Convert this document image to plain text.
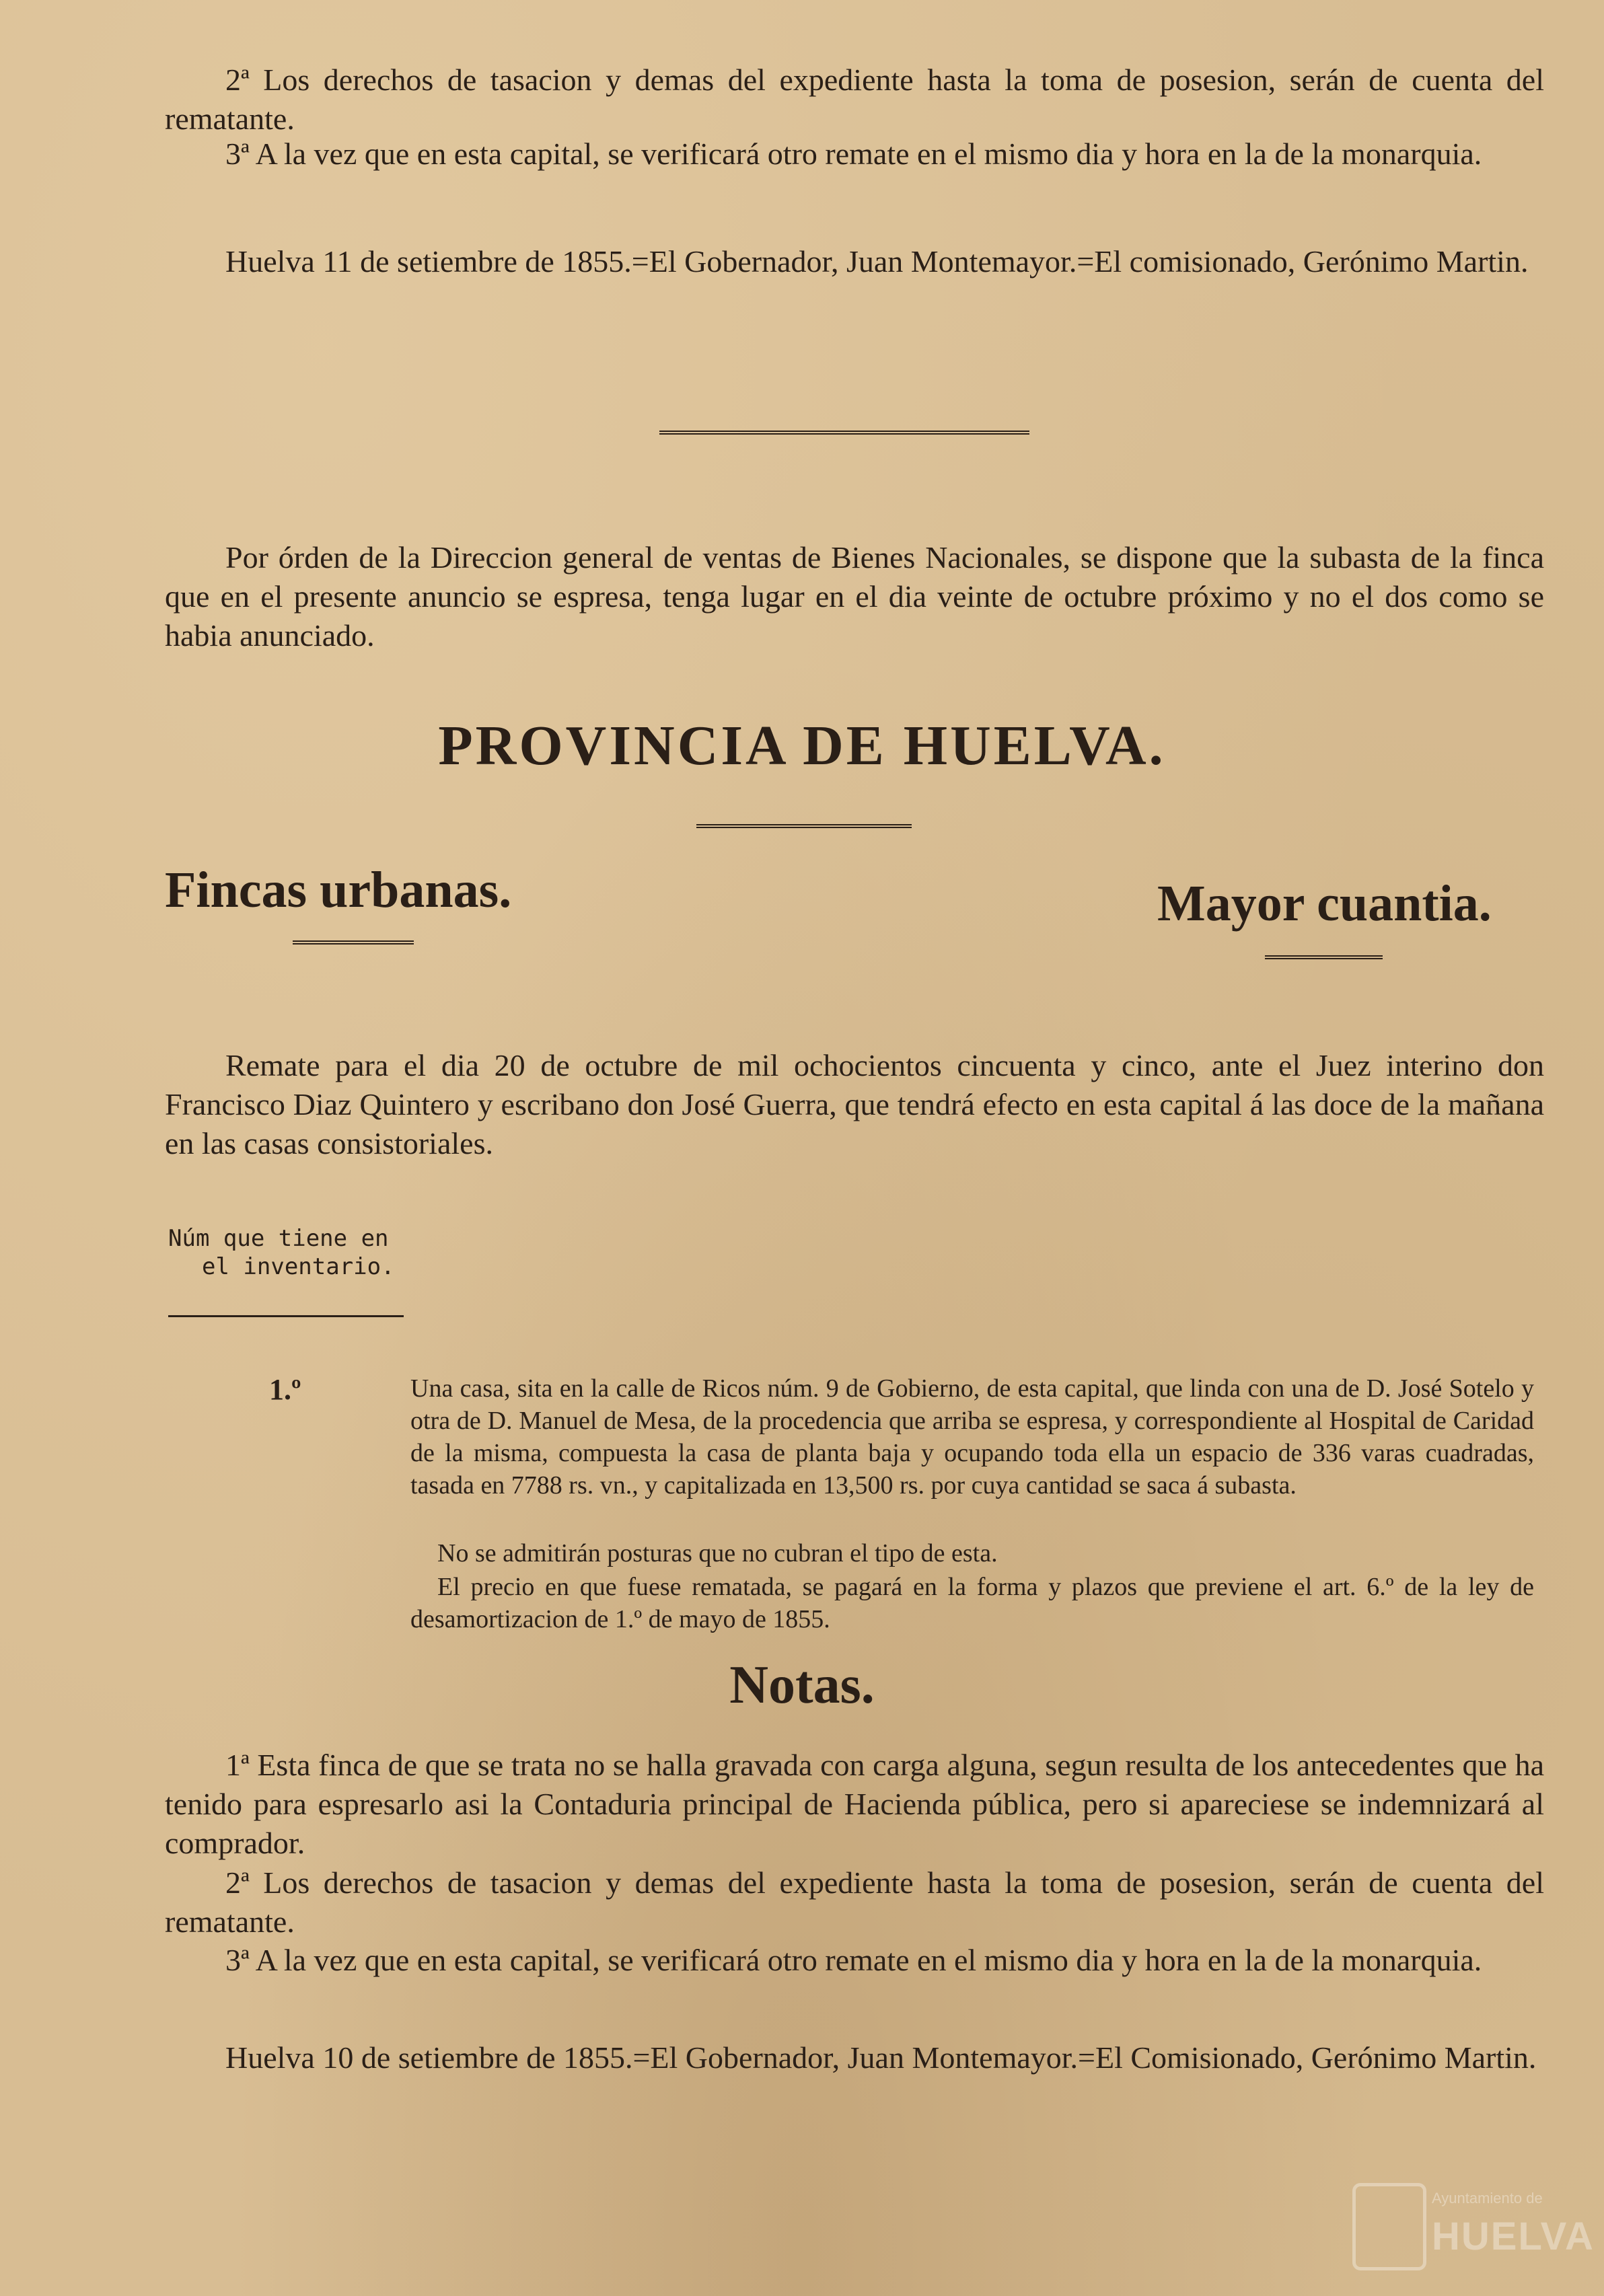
2ª Los derechos de tasacion y demas del expediente hasta la toma de posesion, serán de cuenta del rematante.

3ª A la vez que en esta capital, se verificará otro remate en el mismo dia y hora en la de la monarquia.

Huelva 11 de setiembre de 1855.=El Gobernador, Juan Montemayor.=El comisionado, Gerónimo Martin.

Por órden de la Direccion general de ventas de Bienes Nacionales, se dispone que la subasta de la finca que en el presente anuncio se espresa, tenga lugar en el dia veinte de octubre próximo y no el dos como se habia anunciado.

PROVINCIA DE HUELVA.
Fincas urbanas.	Mayor cuantia.

Remate para el dia 20 de octubre de mil ochocientos cincuenta y cinco, ante el Juez interino don Francisco Diaz Quintero y escribano don José Guerra, que tendrá efecto en esta capital á las doce de la mañana en las casas consistoriales.

Núm que tiene en

el inventario.

1.º	Una casa, sita en la calle de Ricos núm. 9 de Gobierno, de esta capital, que linda con una de D. José Sotelo y otra de D. Manuel de Mesa, de la procedencia que arriba se espresa, y correspondiente al Hospital de Caridad de la misma, compuesta la casa de planta baja y ocupando toda ella un espacio de 336 varas cuadradas, tasada en 7788 rs. vn., y capitalizada en 13,500 rs. por cuya cantidad se saca á subasta.

No se admitirán posturas que no cubran el tipo de esta.

El precio en que fuese rematada, se pagará en la forma y plazos que previene el art. 6.º de la ley de desamortizacion de 1.º de mayo de 1855.

Notas.

1ª Esta finca de que se trata no se halla gravada con carga alguna, segun resulta de los antecedentes que ha tenido para espresarlo asi la Contaduria principal de Hacienda pública, pero si apareciese se indemnizará al comprador.

2ª Los derechos de tasacion y demas del expediente hasta la toma de posesion, serán de cuenta del rematante.

3ª A la vez que en esta capital, se verificará otro remate en el mismo dia y hora en la de la monarquia.

Huelva 10 de setiembre de 1855.=El Gobernador, Juan Montemayor.=El Comisionado, Gerónimo Martin.

Ayuntamiento de
HUELVA
